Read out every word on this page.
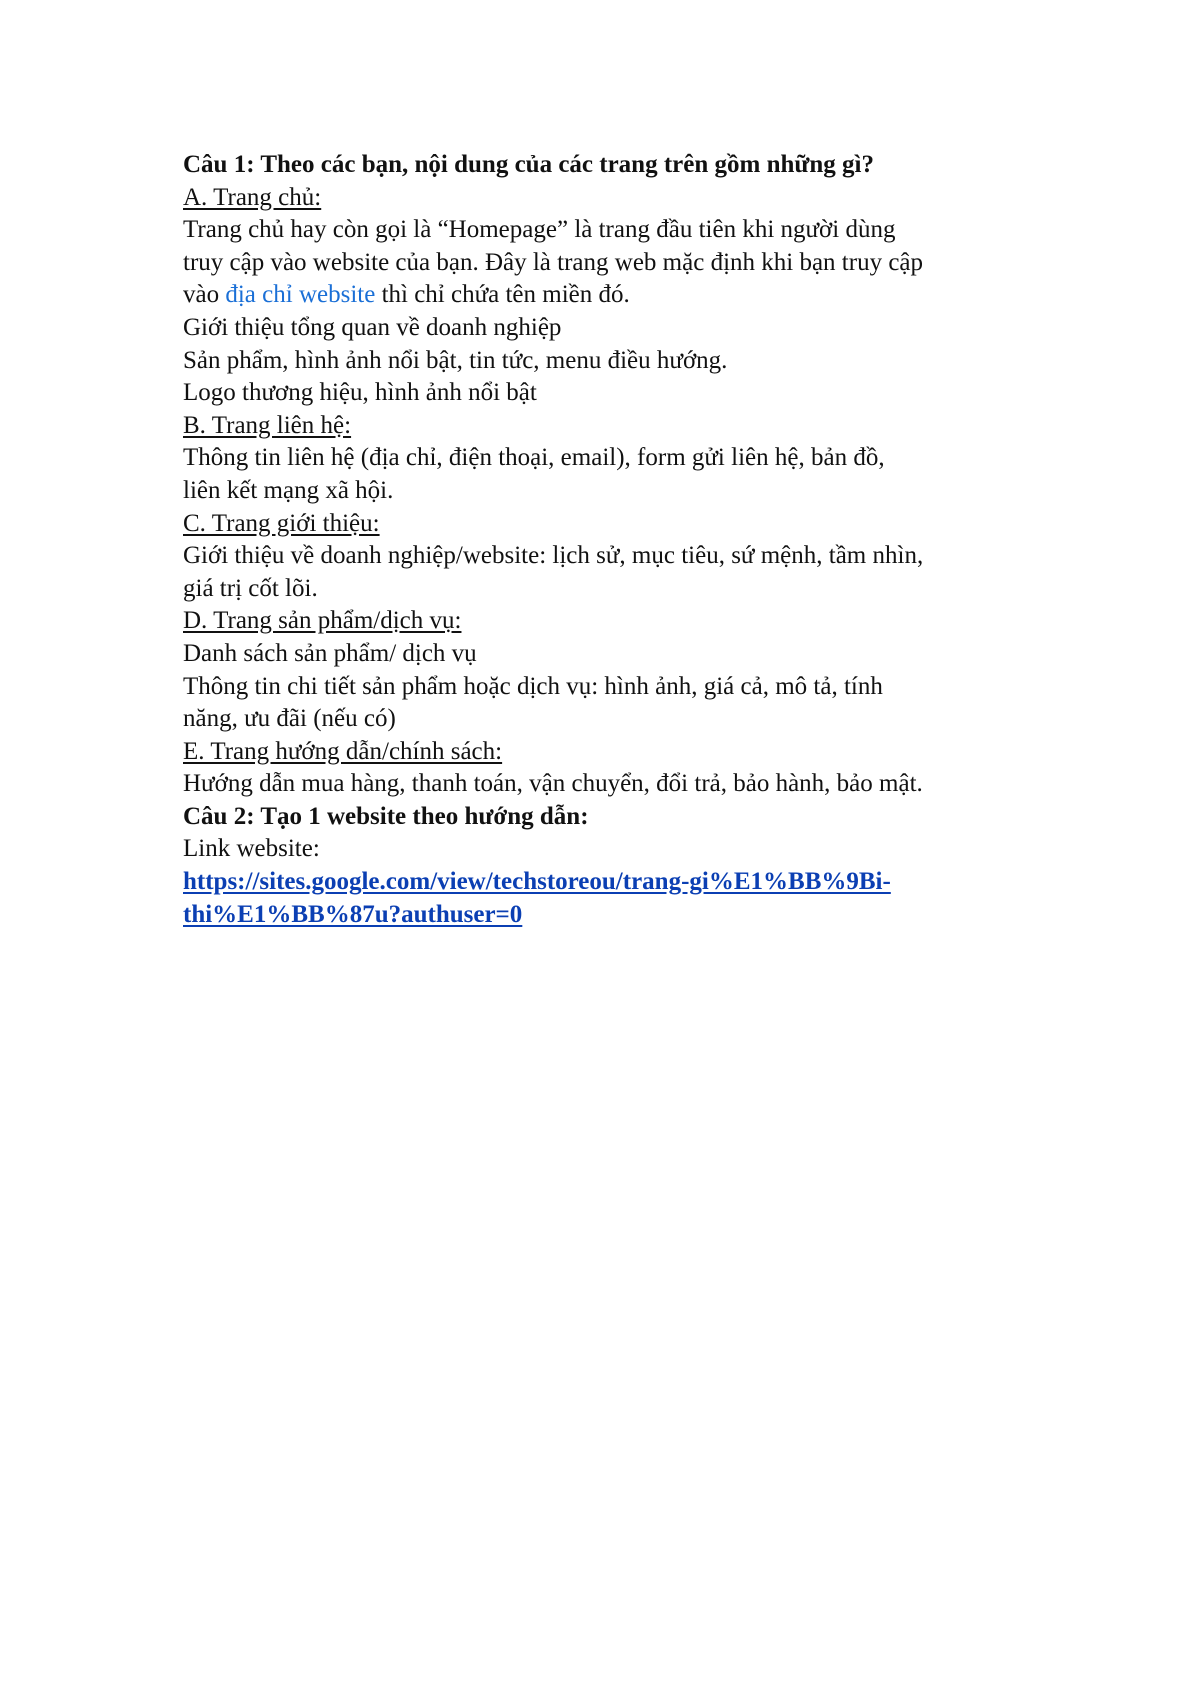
Câu 1: Theo các bạn, nội dung của các trang trên gồm những gì?
A. Trang chủ:
Trang chủ hay còn gọi là “Homepage” là trang đầu tiên khi người dùng
truy cập vào website của bạn. Đây là trang web mặc định khi bạn truy cập
vào địa chỉ website thì chỉ chứa tên miền đó.
Giới thiệu tổng quan về doanh nghiệp
Sản phẩm, hình ảnh nổi bật, tin tức, menu điều hướng.
Logo thương hiệu, hình ảnh nổi bật
B. Trang liên hệ:
Thông tin liên hệ (địa chỉ, điện thoại, email), form gửi liên hệ, bản đồ,
liên kết mạng xã hội.
C. Trang giới thiệu:
Giới thiệu về doanh nghiệp/website: lịch sử, mục tiêu, sứ mệnh, tầm nhìn,
giá trị cốt lõi.
D. Trang sản phẩm/dịch vụ:
Danh sách sản phẩm/ dịch vụ
Thông tin chi tiết sản phẩm hoặc dịch vụ: hình ảnh, giá cả, mô tả, tính
năng, ưu đãi (nếu có)
E. Trang hướng dẫn/chính sách:
Hướng dẫn mua hàng, thanh toán, vận chuyển, đổi trả, bảo hành, bảo mật.
Câu 2: Tạo 1 website theo hướng dẫn:
Link website:
https://sites.google.com/view/techstoreou/trang-gi%E1%BB%9Bi-
thi%E1%BB%87u?authuser=0
